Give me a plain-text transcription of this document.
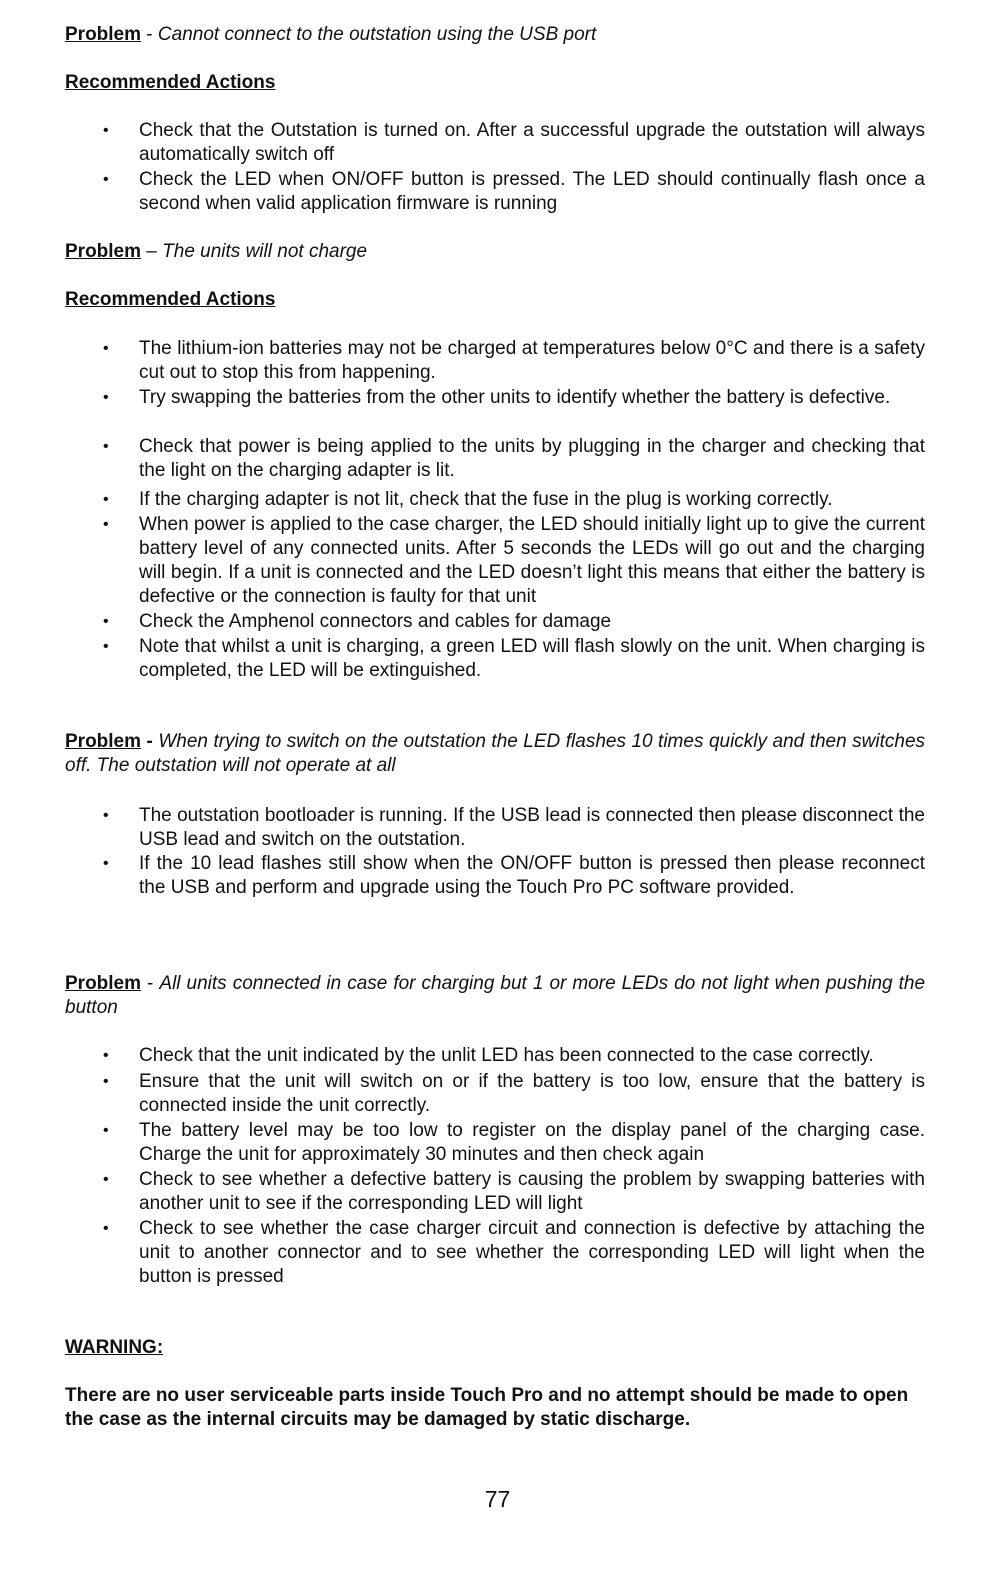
Problem - Cannot connect to the outstation using the USB port
Recommended Actions
• Check that the Outstation is turned on. After a successful upgrade the outstation will always automatically switch off
• Check the LED when ON/OFF button is pressed. The LED should continually flash once a second when valid application firmware is running
Problem – The units will not charge
Recommended Actions
• The lithium-ion batteries may not be charged at temperatures below 0°C and there is a safety cut out to stop this from happening.
• Try swapping the batteries from the other units to identify whether the battery is defective.
• Check that power is being applied to the units by plugging in the charger and checking that the light on the charging adapter is lit.
• If the charging adapter is not lit, check that the fuse in the plug is working correctly.
• When power is applied to the case charger, the LED should initially light up to give the current battery level of any connected units. After 5 seconds the LEDs will go out and the charging will begin. If a unit is connected and the LED doesn’t light this means that either the battery is defective or the connection is faulty for that unit
• Check the Amphenol connectors and cables for damage
• Note that whilst a unit is charging, a green LED will flash slowly on the unit. When charging is completed, the LED will be extinguished.
Problem - When trying to switch on the outstation the LED flashes 10 times quickly and then switches off. The outstation will not operate at all
• The outstation bootloader is running. If the USB lead is connected then please disconnect the USB lead and switch on the outstation.
• If the 10 lead flashes still show when the ON/OFF button is pressed then please reconnect the USB and perform and upgrade using the Touch Pro PC software provided.
Problem - All units connected in case for charging but 1 or more LEDs do not light when pushing the button
• Check that the unit indicated by the unlit LED has been connected to the case correctly.
• Ensure that the unit will switch on or if the battery is too low, ensure that the battery is connected inside the unit correctly.
• The battery level may be too low to register on the display panel of the charging case. Charge the unit for approximately 30 minutes and then check again
• Check to see whether a defective battery is causing the problem by swapping batteries with another unit to see if the corresponding LED will light
• Check to see whether the case charger circuit and connection is defective by attaching the unit to another connector and to see whether the corresponding LED will light when the button is pressed
WARNING:
There are no user serviceable parts inside Touch Pro and no attempt should be made to open the case as the internal circuits may be damaged by static discharge.
77
